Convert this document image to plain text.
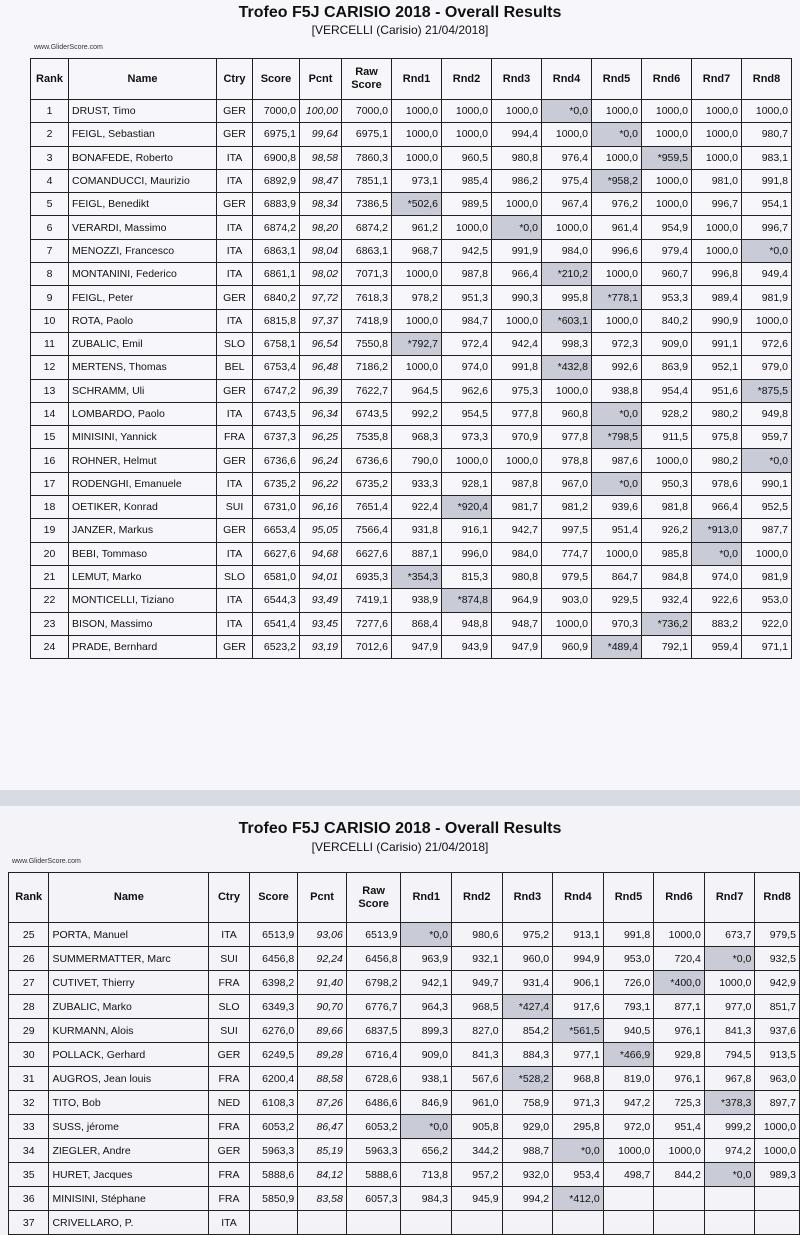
Trofeo F5J CARISIO 2018 - Overall Results
[VERCELLI (Carisio) 21/04/2018]
www.GliderScore.com
Rank	Name	Ctry	Score	Pcnt	Raw Score	Rnd1	Rnd2	Rnd3	Rnd4	Rnd5	Rnd6	Rnd7	Rnd8
1	DRUST, Timo	GER	7000,0	100,00	7000,0	1000,0	1000,0	1000,0	*0,0	1000,0	1000,0	1000,0	1000,0
2	FEIGL, Sebastian	GER	6975,1	99,64	6975,1	1000,0	1000,0	994,4	1000,0	*0,0	1000,0	1000,0	980,7
3	BONAFEDE, Roberto	ITA	6900,8	98,58	7860,3	1000,0	960,5	980,8	976,4	1000,0	*959,5	1000,0	983,1
4	COMANDUCCI, Maurizio	ITA	6892,9	98,47	7851,1	973,1	985,4	986,2	975,4	*958,2	1000,0	981,0	991,8
5	FEIGL, Benedikt	GER	6883,9	98,34	7386,5	*502,6	989,5	1000,0	967,4	976,2	1000,0	996,7	954,1
6	VERARDI, Massimo	ITA	6874,2	98,20	6874,2	961,2	1000,0	*0,0	1000,0	961,4	954,9	1000,0	996,7
7	MENOZZI, Francesco	ITA	6863,1	98,04	6863,1	968,7	942,5	991,9	984,0	996,6	979,4	1000,0	*0,0
8	MONTANINI, Federico	ITA	6861,1	98,02	7071,3	1000,0	987,8	966,4	*210,2	1000,0	960,7	996,8	949,4
9	FEIGL, Peter	GER	6840,2	97,72	7618,3	978,2	951,3	990,3	995,8	*778,1	953,3	989,4	981,9
10	ROTA, Paolo	ITA	6815,8	97,37	7418,9	1000,0	984,7	1000,0	*603,1	1000,0	840,2	990,9	1000,0
11	ZUBALIC, Emil	SLO	6758,1	96,54	7550,8	*792,7	972,4	942,4	998,3	972,3	909,0	991,1	972,6
12	MERTENS, Thomas	BEL	6753,4	96,48	7186,2	1000,0	974,0	991,8	*432,8	992,6	863,9	952,1	979,0
13	SCHRAMM, Uli	GER	6747,2	96,39	7622,7	964,5	962,6	975,3	1000,0	938,8	954,4	951,6	*875,5
14	LOMBARDO, Paolo	ITA	6743,5	96,34	6743,5	992,2	954,5	977,8	960,8	*0,0	928,2	980,2	949,8
15	MINISINI, Yannick	FRA	6737,3	96,25	7535,8	968,3	973,3	970,9	977,8	*798,5	911,5	975,8	959,7
16	ROHNER, Helmut	GER	6736,6	96,24	6736,6	790,0	1000,0	1000,0	978,8	987,6	1000,0	980,2	*0,0
17	RODENGHI, Emanuele	ITA	6735,2	96,22	6735,2	933,3	928,1	987,8	967,0	*0,0	950,3	978,6	990,1
18	OETIKER, Konrad	SUI	6731,0	96,16	7651,4	922,4	*920,4	981,7	981,2	939,6	981,8	966,4	952,5
19	JANZER, Markus	GER	6653,4	95,05	7566,4	931,8	916,1	942,7	997,5	951,4	926,2	*913,0	987,7
20	BEBI, Tommaso	ITA	6627,6	94,68	6627,6	887,1	996,0	984,0	774,7	1000,0	985,8	*0,0	1000,0
21	LEMUT, Marko	SLO	6581,0	94,01	6935,3	*354,3	815,3	980,8	979,5	864,7	984,8	974,0	981,9
22	MONTICELLI, Tiziano	ITA	6544,3	93,49	7419,1	938,9	*874,8	964,9	903,0	929,5	932,4	922,6	953,0
23	BISON, Massimo	ITA	6541,4	93,45	7277,6	868,4	948,8	948,7	1000,0	970,3	*736,2	883,2	922,0
24	PRADE, Bernhard	GER	6523,2	93,19	7012,6	947,9	943,9	947,9	960,9	*489,4	792,1	959,4	971,1
Trofeo F5J CARISIO 2018 - Overall Results
[VERCELLI (Carisio) 21/04/2018]
www.GliderScore.com
Rank	Name	Ctry	Score	Pcnt	Raw Score	Rnd1	Rnd2	Rnd3	Rnd4	Rnd5	Rnd6	Rnd7	Rnd8
25	PORTA, Manuel	ITA	6513,9	93,06	6513,9	*0,0	980,6	975,2	913,1	991,8	1000,0	673,7	979,5
26	SUMMERMATTER, Marc	SUI	6456,8	92,24	6456,8	963,9	932,1	960,0	994,9	953,0	720,4	*0,0	932,5
27	CUTIVET, Thierry	FRA	6398,2	91,40	6798,2	942,1	949,7	931,4	906,1	726,0	*400,0	1000,0	942,9
28	ZUBALIC, Marko	SLO	6349,3	90,70	6776,7	964,3	968,5	*427,4	917,6	793,1	877,1	977,0	851,7
29	KURMANN, Alois	SUI	6276,0	89,66	6837,5	899,3	827,0	854,2	*561,5	940,5	976,1	841,3	937,6
30	POLLACK, Gerhard	GER	6249,5	89,28	6716,4	909,0	841,3	884,3	977,1	*466,9	929,8	794,5	913,5
31	AUGROS, Jean louis	FRA	6200,4	88,58	6728,6	938,1	567,6	*528,2	968,8	819,0	976,1	967,8	963,0
32	TITO, Bob	NED	6108,3	87,26	6486,6	846,9	961,0	758,9	971,3	947,2	725,3	*378,3	897,7
33	SUSS, jérome	FRA	6053,2	86,47	6053,2	*0,0	905,8	929,0	295,8	972,0	951,4	999,2	1000,0
34	ZIEGLER, Andre	GER	5963,3	85,19	5963,3	656,2	344,2	988,7	*0,0	1000,0	1000,0	974,2	1000,0
35	HURET, Jacques	FRA	5888,6	84,12	5888,6	713,8	957,2	932,0	953,4	498,7	844,2	*0,0	989,3
36	MINISINI, Stéphane	FRA	5850,9	83,58	6057,3	984,3	945,9	994,2	*412,0				
37	CRIVELLARO, P.	ITA											
